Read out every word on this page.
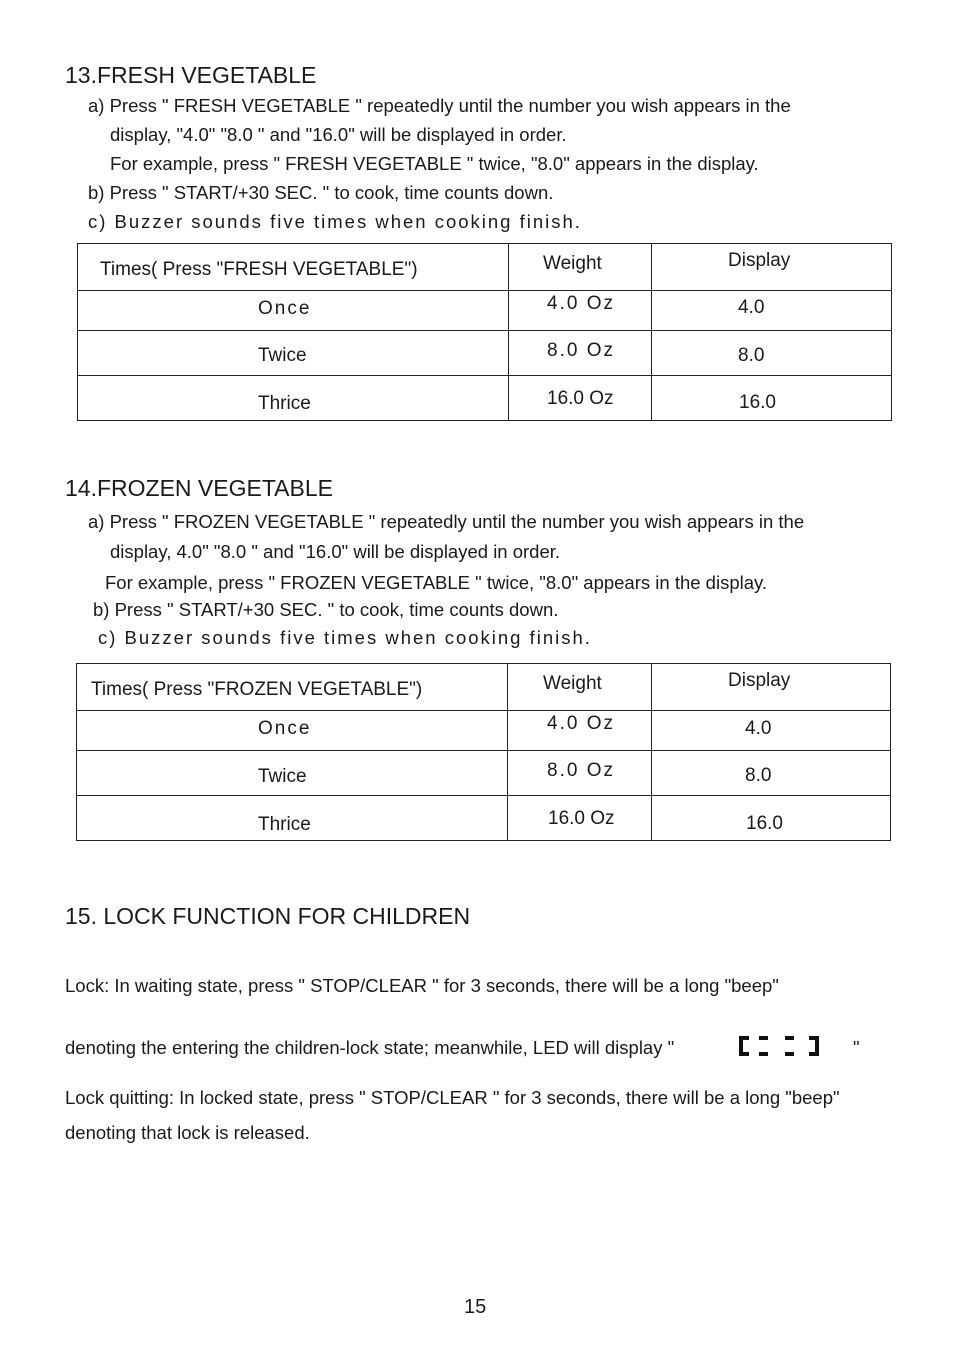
13.FRESH VEGETABLE
a) Press " FRESH VEGETABLE " repeatedly until the number you wish appears in the
display, "4.0" "8.0 " and "16.0" will be displayed in order.
For example, press " FRESH VEGETABLE " twice, "8.0" appears in the display.
b) Press " START/+30 SEC. " to cook, time counts down.
c) Buzzer sounds five times when cooking finish.
Times( Press "FRESH VEGETABLE")	Weight	Display
Once	4.0 Oz	4.0
Twice	8.0 Oz	8.0
Thrice	16.0 Oz	16.0
14.FROZEN VEGETABLE
a) Press " FROZEN VEGETABLE " repeatedly until the number you wish appears in the
display, 4.0" "8.0 " and "16.0" will be displayed in order.
For example, press " FROZEN VEGETABLE " twice, "8.0" appears in the display.
b) Press " START/+30 SEC. " to cook, time counts down.
c) Buzzer sounds five times when cooking finish.
Times( Press "FROZEN VEGETABLE")	Weight	Display
Once	4.0 Oz	4.0
Twice	8.0 Oz	8.0
Thrice	16.0 Oz	16.0
15. LOCK FUNCTION FOR CHILDREN
Lock: In waiting state, press " STOP/CLEAR " for 3 seconds, there will be a long "beep"
denoting the entering the children-lock state; meanwhile, LED will display "	"
Lock quitting: In locked state, press " STOP/CLEAR " for 3 seconds, there will be a long "beep"
denoting that lock is released.
15
